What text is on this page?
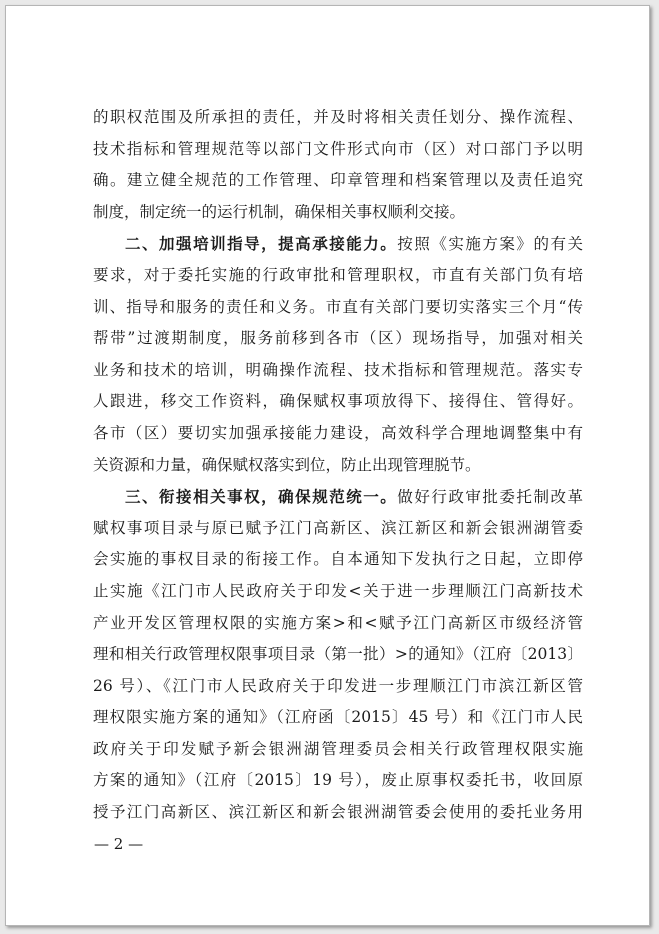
的职权范围及所承担的责任，并及时将相关责任划分、操作流程、
技术指标和管理规范等以部门文件形式向市（区）对口部门予以明
确。建立健全规范的工作管理、印章管理和档案管理以及责任追究
制度，制定统一的运行机制，确保相关事权顺利交接。
二、加强培训指导，提高承接能力。按照《实施方案》的有关
要求，对于委托实施的行政审批和管理职权，市直有关部门负有培
训、指导和服务的责任和义务。市直有关部门要切实落实三个月“传
帮带”过渡期制度，服务前移到各市（区）现场指导，加强对相关
业务和技术的培训，明确操作流程、技术指标和管理规范。落实专
人跟进，移交工作资料，确保赋权事项放得下、接得住、管得好。
各市（区）要切实加强承接能力建设，高效科学合理地调整集中有
关资源和力量，确保赋权落实到位，防止出现管理脱节。
三、衔接相关事权，确保规范统一。做好行政审批委托制改革
赋权事项目录与原已赋予江门高新区、滨江新区和新会银洲湖管委
会实施的事权目录的衔接工作。自本通知下发执行之日起，立即停
止实施《江门市人民政府关于印发<关于进一步理顺江门高新技术
产业开发区管理权限的实施方案>和<赋予江门高新区市级经济管
理和相关行政管理权限事项目录（第一批）>的通知》（江府〔2013〕
26 号）、《江门市人民政府关于印发进一步理顺江门市滨江新区管
理权限实施方案的通知》（江府函〔2015〕45 号）和《江门市人民
政府关于印发赋予新会银洲湖管理委员会相关行政管理权限实施
方案的通知》（江府〔2015〕19 号），废止原事权委托书，收回原
授予江门高新区、滨江新区和新会银洲湖管委会使用的委托业务用
— 2 —
